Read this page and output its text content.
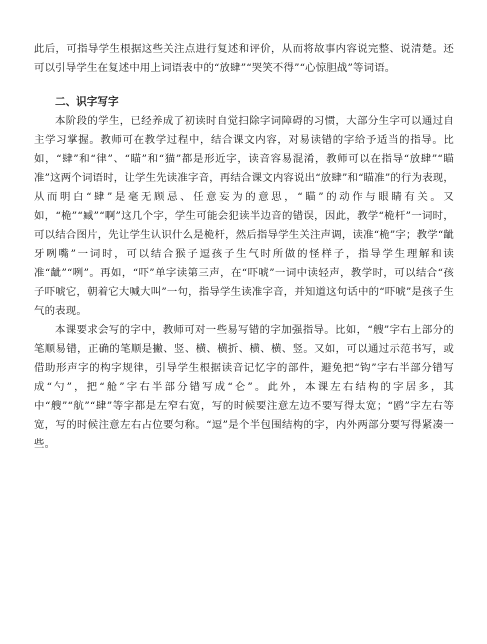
此后，可指导学生根据这些关注点进行复述和评价，从而将故事内容说完整、说清楚。还可以引导学生在复述中用上词语表中的“放肆”“哭笑不得”“心惊胆战”等词语。

二、识字写字

本阶段的学生，已经养成了初读时自觉扫除字词障碍的习惯，大部分生字可以通过自主学习掌握。教师可在教学过程中，结合课文内容，对易读错的字给予适当的指导。比如，“肆”和“律”、“瞄”和“猫”都是形近字，读音容易混淆，教师可以在指导“放肆”“瞄准”这两个词语时，让学生先读准字音，再结合课文内容说出“放肆”和“瞄准”的行为表现，从而明白“肆”是毫无顾忌、任意妄为的意思，“瞄”的动作与眼睛有关。又如，“桅”“臧”“啊”这几个字，学生可能会犯读半边音的错误，因此，教学“桅杆”一词时，可以结合图片，先让学生认识什么是桅杆，然后指导学生关注声调，读准“桅”字；教学“龇牙咧嘴”一词时，可以结合猴子逗孩子生气时所做的怪样子，指导学生理解和读准“龇”“咧”。再如，“吓”单字读第三声，在“吓唬”一词中读轻声，教学时，可以结合“孩子吓唬它，朝着它大喊大叫”一句，指导学生读准字音，并知道这句话中的“吓唬”是孩子生气的表现。

本课要求会写的字中，教师可对一些易写错的字加强指导。比如，“艘”字右上部分的笔顺易错，正确的笔顺是撇、竖、横、横折、横、横、竖。又如，可以通过示范书写，或借助形声字的构字规律，引导学生根据读音记忆字的部件，避免把“钩”字右半部分错写成“勺”，把“舱”字右半部分错写成“仑”。此外，本课左右结构的字居多，其中“艘”“航”“肆”等字都是左窄右宽，写的时候要注意左边不要写得太宽；“鸥”字左右等宽，写的时候注意左右占位要匀称。“逗”是个半包围结构的字，内外两部分要写得紧凑一些。
